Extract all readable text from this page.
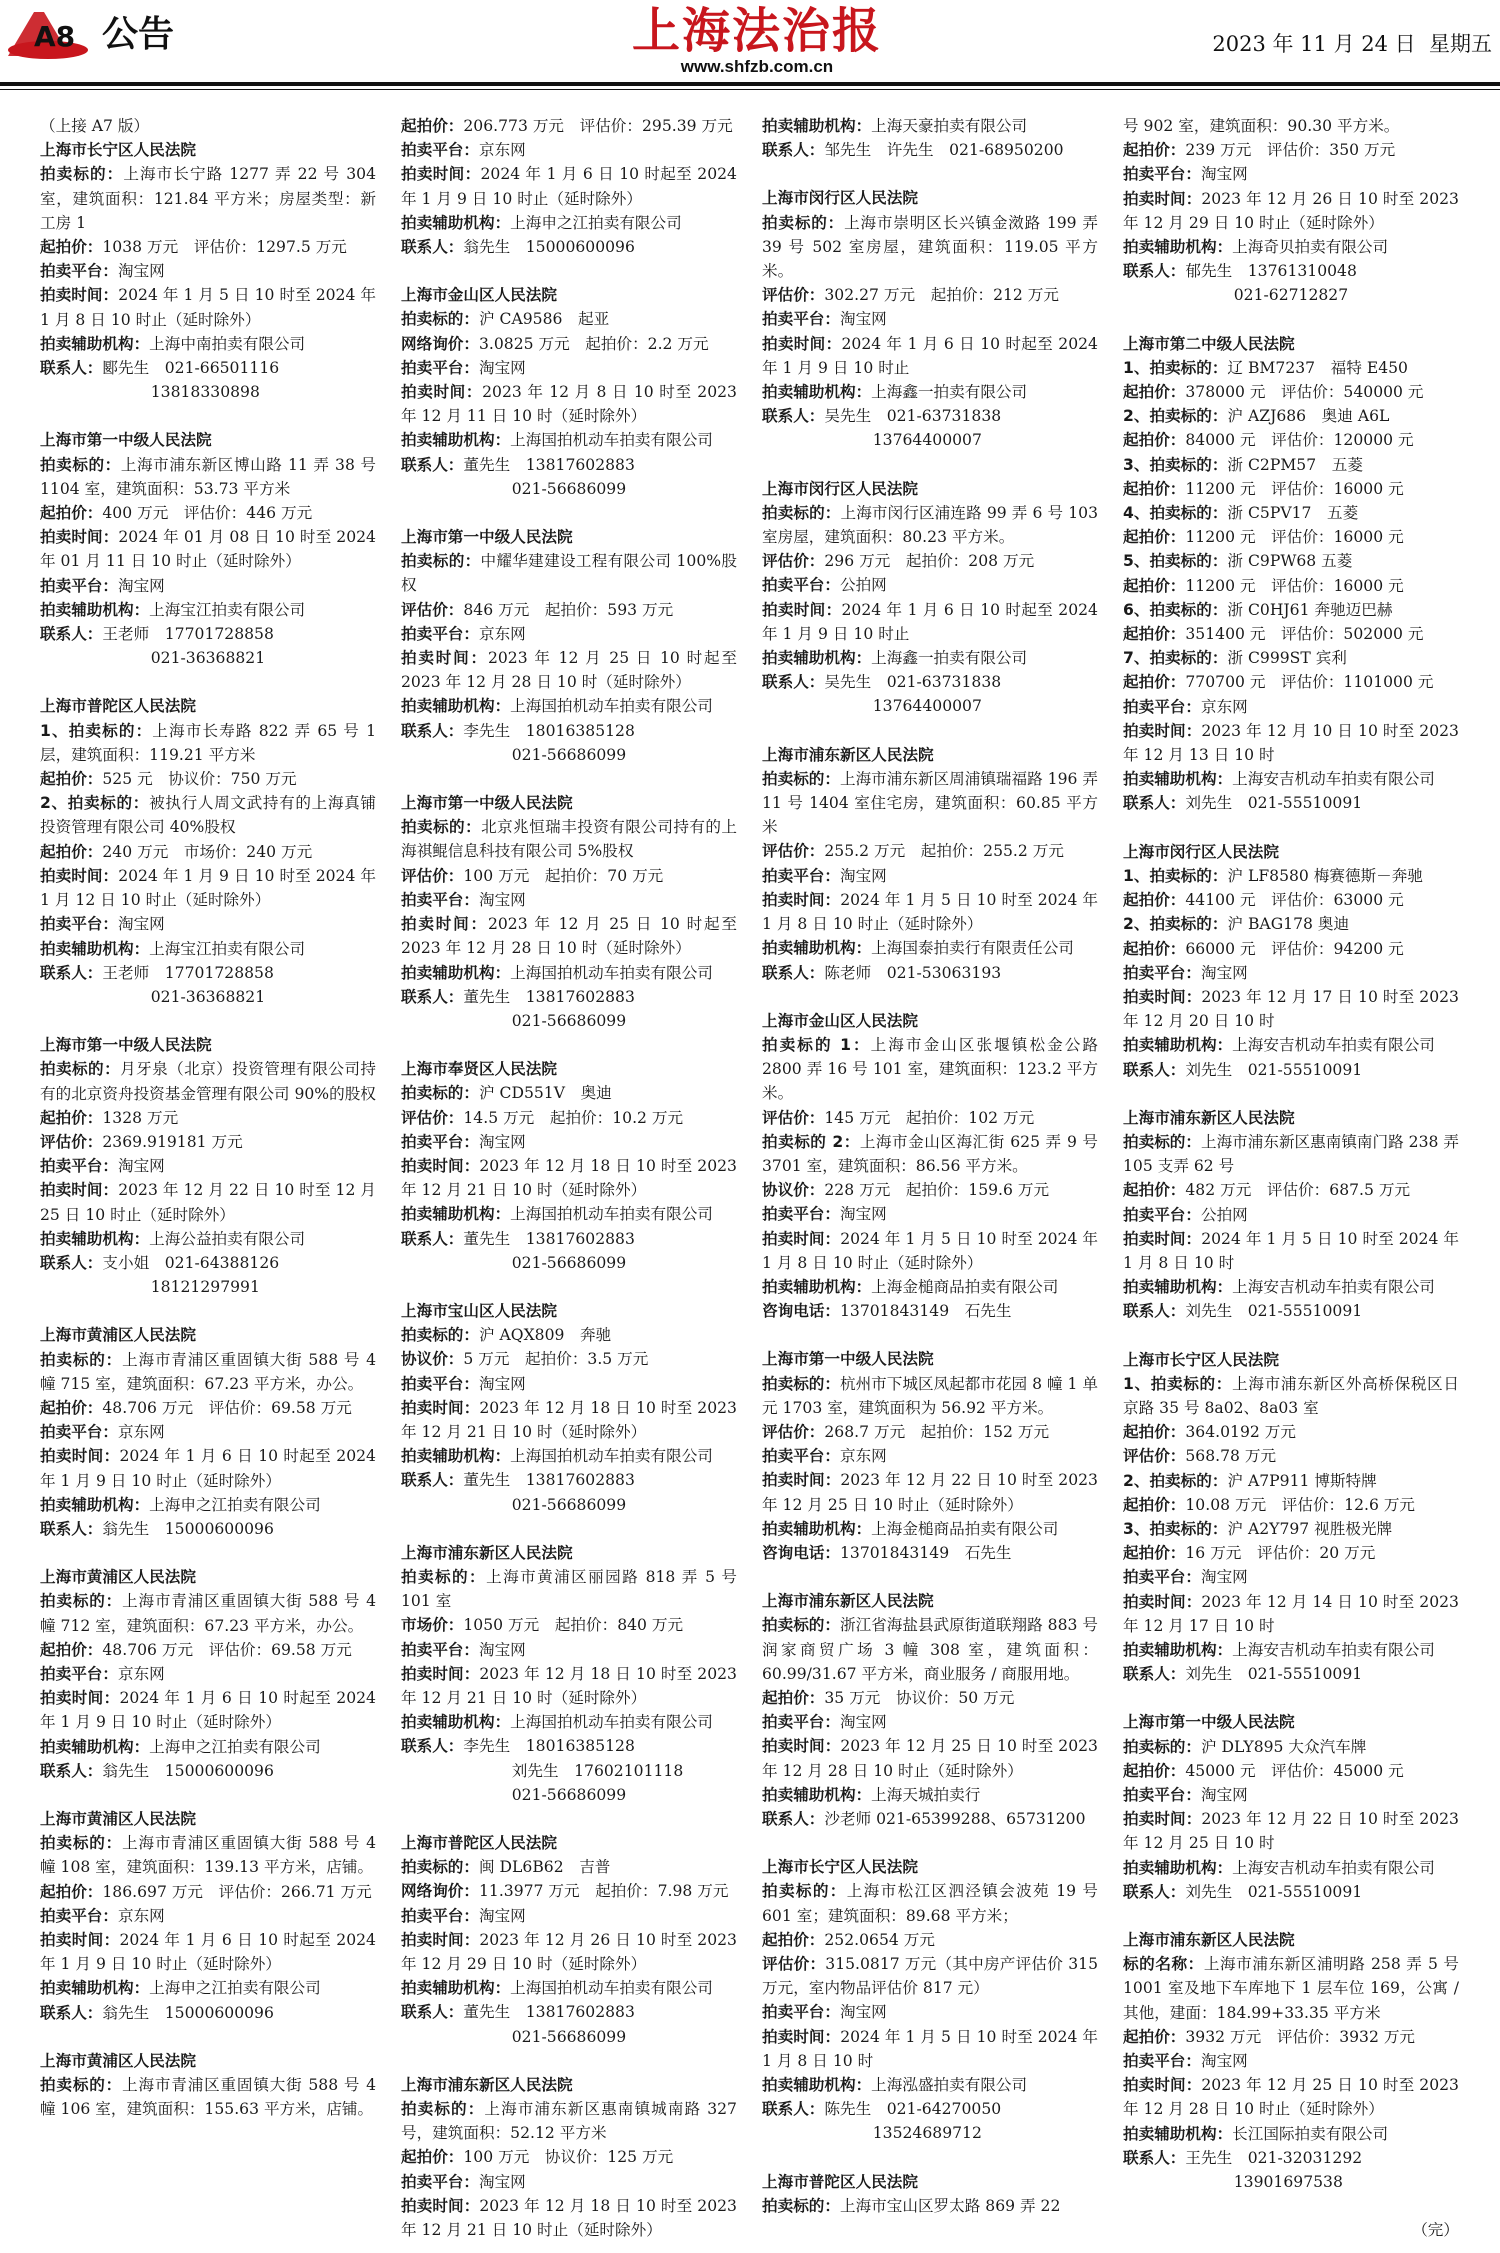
A8 公告	上海法治报
www.shfzb.com.cn
2023 年 11 月 24 日 星期五

（上接 A7 版）

上海市长宁区人民法院

拍卖标的：上海市长宁路 1277 弄 22 号 304 室，建筑面积：121.84 平方米；房屋类型：新工房 1

起拍价：1038 万元　评估价：1297.5 万元

拍卖平台：淘宝网

拍卖时间：2024 年 1 月 5 日 10 时至 2024 年 1 月 8 日 10 时止（延时除外）

拍卖辅助机构：上海中南拍卖有限公司

联系人：郾先生　021-66501116

13818330898

上海市第一中级人民法院

拍卖标的：上海市浦东新区博山路 11 弄 38 号 1104 室，建筑面积：53.73 平方米

起拍价：400 万元　评估价：446 万元

拍卖时间：2024 年 01 月 08 日 10 时至 2024 年 01 月 11 日 10 时止（延时除外）

拍卖平台：淘宝网

拍卖辅助机构：上海宝江拍卖有限公司

联系人：王老师　17701728858

021-36368821

上海市普陀区人民法院

1、拍卖标的：上海市长寿路 822 弄 65 号 1 层，建筑面积：119.21 平方米

起拍价：525 元　协议价：750 万元

2、拍卖标的：被执行人周文武持有的上海真铺投资管理有限公司 40%股权

起拍价：240 万元　市场价：240 万元

拍卖时间：2024 年 1 月 9 日 10 时至 2024 年 1 月 12 日 10 时止（延时除外）

拍卖平台：淘宝网

拍卖辅助机构：上海宝江拍卖有限公司

联系人：王老师　17701728858

021-36368821

上海市第一中级人民法院

拍卖标的：月牙泉（北京）投资管理有限公司持有的北京资舟投资基金管理有限公司 90%的股权

起拍价：1328 万元

评估价：2369.919181 万元

拍卖平台：淘宝网

拍卖时间：2023 年 12 月 22 日 10 时至 12 月 25 日 10 时止（延时除外）

拍卖辅助机构：上海公益拍卖有限公司

联系人：支小姐　021-64388126

18121297991

上海市黄浦区人民法院

拍卖标的：上海市青浦区重固镇大街 588 号 4 幢 715 室，建筑面积：67.23 平方米，办公。

起拍价：48.706 万元　评估价：69.58 万元

拍卖平台：京东网

拍卖时间：2024 年 1 月 6 日 10 时起至 2024 年 1 月 9 日 10 时止（延时除外）

拍卖辅助机构：上海申之江拍卖有限公司

联系人：翁先生　15000600096

上海市黄浦区人民法院

拍卖标的：上海市青浦区重固镇大街 588 号 4 幢 712 室，建筑面积：67.23 平方米，办公。

起拍价：48.706 万元　评估价：69.58 万元

拍卖平台：京东网

拍卖时间：2024 年 1 月 6 日 10 时起至 2024 年 1 月 9 日 10 时止（延时除外）

拍卖辅助机构：上海申之江拍卖有限公司

联系人：翁先生　15000600096

上海市黄浦区人民法院

拍卖标的：上海市青浦区重固镇大街 588 号 4 幢 108 室，建筑面积：139.13 平方米，店铺。

起拍价：186.697 万元　评估价：266.71 万元

拍卖平台：京东网

拍卖时间：2024 年 1 月 6 日 10 时起至 2024 年 1 月 9 日 10 时止（延时除外）

拍卖辅助机构：上海申之江拍卖有限公司

联系人：翁先生　15000600096

上海市黄浦区人民法院

拍卖标的：上海市青浦区重固镇大街 588 号 4 幢 106 室，建筑面积：155.63 平方米，店铺。

起拍价：206.773 万元　评估价：295.39 万元

拍卖平台：京东网

拍卖时间：2024 年 1 月 6 日 10 时起至 2024 年 1 月 9 日 10 时止（延时除外）

拍卖辅助机构：上海申之江拍卖有限公司

联系人：翁先生　15000600096

上海市金山区人民法院

拍卖标的：沪 CA9586　起亚

网络询价：3.0825 万元　起拍价：2.2 万元

拍卖平台：淘宝网

拍卖时间：2023 年 12 月 8 日 10 时至 2023 年 12 月 11 日 10 时（延时除外）

拍卖辅助机构：上海国拍机动车拍卖有限公司

联系人：董先生　13817602883

021-56686099

上海市第一中级人民法院

拍卖标的：中耀华建建设工程有限公司 100%股权

评估价：846 万元　起拍价：593 万元

拍卖平台：京东网

拍卖时间：2023 年 12 月 25 日 10 时起至 2023 年 12 月 28 日 10 时（延时除外）

拍卖辅助机构：上海国拍机动车拍卖有限公司

联系人：李先生　18016385128

021-56686099

上海市第一中级人民法院

拍卖标的：北京兆恒瑞丰投资有限公司持有的上海祺鲲信息科技有限公司 5%股权

评估价：100 万元　起拍价：70 万元

拍卖平台：淘宝网

拍卖时间：2023 年 12 月 25 日 10 时起至 2023 年 12 月 28 日 10 时（延时除外）

拍卖辅助机构：上海国拍机动车拍卖有限公司

联系人：董先生　13817602883

021-56686099

上海市奉贤区人民法院

拍卖标的：沪 CD551V　奥迪

评估价：14.5 万元　起拍价：10.2 万元

拍卖平台：淘宝网

拍卖时间：2023 年 12 月 18 日 10 时至 2023 年 12 月 21 日 10 时（延时除外）

拍卖辅助机构：上海国拍机动车拍卖有限公司

联系人：董先生　13817602883

021-56686099

上海市宝山区人民法院

拍卖标的：沪 AQX809　奔驰

协议价：5 万元　起拍价：3.5 万元

拍卖平台：淘宝网

拍卖时间：2023 年 12 月 18 日 10 时至 2023 年 12 月 21 日 10 时（延时除外）

拍卖辅助机构：上海国拍机动车拍卖有限公司

联系人：董先生　13817602883

021-56686099

上海市浦东新区人民法院

拍卖标的：上海市黄浦区丽园路 818 弄 5 号 101 室

市场价：1050 万元　起拍价：840 万元

拍卖平台：淘宝网

拍卖时间：2023 年 12 月 18 日 10 时至 2023 年 12 月 21 日 10 时（延时除外）

拍卖辅助机构：上海国拍机动车拍卖有限公司

联系人：李先生　18016385128

刘先生　17602101118

021-56686099

上海市普陀区人民法院

拍卖标的：闽 DL6B62　吉普

网络询价：11.3977 万元　起拍价：7.98 万元

拍卖平台：淘宝网

拍卖时间：2023 年 12 月 26 日 10 时至 2023 年 12 月 29 日 10 时（延时除外）

拍卖辅助机构：上海国拍机动车拍卖有限公司

联系人：董先生　13817602883

021-56686099

上海市浦东新区人民法院

拍卖标的：上海市浦东新区惠南镇城南路 327 号，建筑面积：52.12 平方米

起拍价：100 万元　协议价：125 万元

拍卖平台：淘宝网

拍卖时间：2023 年 12 月 18 日 10 时至 2023 年 12 月 21 日 10 时止（延时除外）

拍卖辅助机构：上海天豪拍卖有限公司

联系人：邹先生　许先生　021-68950200

上海市闵行区人民法院

拍卖标的：上海市崇明区长兴镇金滧路 199 弄 39 号 502 室房屋，建筑面积：119.05 平方米。

评估价：302.27 万元　起拍价：212 万元

拍卖平台：淘宝网

拍卖时间：2024 年 1 月 6 日 10 时起至 2024 年 1 月 9 日 10 时止

拍卖辅助机构：上海鑫一拍卖有限公司

联系人：吴先生　021-63731838

13764400007

上海市闵行区人民法院

拍卖标的：上海市闵行区浦连路 99 弄 6 号 103 室房屋，建筑面积：80.23 平方米。

评估价：296 万元　起拍价：208 万元

拍卖平台：公拍网

拍卖时间：2024 年 1 月 6 日 10 时起至 2024 年 1 月 9 日 10 时止

拍卖辅助机构：上海鑫一拍卖有限公司

联系人：吴先生　021-63731838

13764400007

上海市浦东新区人民法院

拍卖标的：上海市浦东新区周浦镇瑞福路 196 弄 11 号 1404 室住宅房，建筑面积：60.85 平方米

评估价：255.2 万元　起拍价：255.2 万元

拍卖平台：淘宝网

拍卖时间：2024 年 1 月 5 日 10 时至 2024 年 1 月 8 日 10 时止（延时除外）

拍卖辅助机构：上海国泰拍卖行有限责任公司

联系人：陈老师　021-53063193

上海市金山区人民法院

拍卖标的 1：上海市金山区张堰镇松金公路 2800 弄 16 号 101 室，建筑面积：123.2 平方米。

评估价：145 万元　起拍价：102 万元

拍卖标的 2：上海市金山区海汇街 625 弄 9 号 3701 室，建筑面积：86.56 平方米。

协议价：228 万元　起拍价：159.6 万元

拍卖平台：淘宝网

拍卖时间：2024 年 1 月 5 日 10 时至 2024 年 1 月 8 日 10 时止（延时除外）

拍卖辅助机构：上海金槌商品拍卖有限公司

咨询电话：13701843149　石先生

上海市第一中级人民法院

拍卖标的：杭州市下城区凤起都市花园 8 幢 1 单元 1703 室，建筑面积为 56.92 平方米。

评估价：268.7 万元　起拍价：152 万元

拍卖平台：京东网

拍卖时间：2023 年 12 月 22 日 10 时至 2023 年 12 月 25 日 10 时止（延时除外）

拍卖辅助机构：上海金槌商品拍卖有限公司

咨询电话：13701843149　石先生

上海市浦东新区人民法院

拍卖标的：浙江省海盐县武原街道联翔路 883 号润家商贸广场 3 幢 308 室，建筑面积：60.99/31.67 平方米，商业服务 / 商服用地。

起拍价：35 万元　协议价：50 万元

拍卖平台：淘宝网

拍卖时间：2023 年 12 月 25 日 10 时至 2023 年 12 月 28 日 10 时止（延时除外）

拍卖辅助机构：上海天城拍卖行

联系人：沙老师 021-65399288、65731200

上海市长宁区人民法院

拍卖标的：上海市松江区泗泾镇会波苑 19 号 601 室；建筑面积：89.68 平方米；

起拍价：252.0654 万元

评估价：315.0817 万元（其中房产评估价 315 万元，室内物品评估价 817 元）

拍卖平台：淘宝网

拍卖时间：2024 年 1 月 5 日 10 时至 2024 年 1 月 8 日 10 时

拍卖辅助机构：上海泓盛拍卖有限公司

联系人：陈先生　021-64270050

13524689712

上海市普陀区人民法院

拍卖标的：上海市宝山区罗太路 869 弄 22

号 902 室，建筑面积：90.30 平方米。

起拍价：239 万元　评估价：350 万元

拍卖平台：淘宝网

拍卖时间：2023 年 12 月 26 日 10 时至 2023 年 12 月 29 日 10 时止（延时除外）

拍卖辅助机构：上海奇贝拍卖有限公司

联系人：郁先生　13761310048

021-62712827

上海市第二中级人民法院

1、拍卖标的：辽 BM7237　福特 E450

起拍价：378000 元　评估价：540000 元

2、拍卖标的：沪 AZJ686　奥迪 A6L

起拍价：84000 元　评估价：120000 元

3、拍卖标的：浙 C2PM57　五菱

起拍价：11200 元　评估价：16000 元

4、拍卖标的：浙 C5PV17　五菱

起拍价：11200 元　评估价：16000 元

5、拍卖标的：浙 C9PW68 五菱

起拍价：11200 元　评估价：16000 元

6、拍卖标的：浙 C0HJ61 奔驰迈巴赫

起拍价：351400 元　评估价：502000 元

7、拍卖标的：浙 C999ST 宾利

起拍价：770700 元　评估价：1101000 元

拍卖平台：京东网

拍卖时间：2023 年 12 月 10 日 10 时至 2023 年 12 月 13 日 10 时

拍卖辅助机构：上海安吉机动车拍卖有限公司

联系人：刘先生　021-55510091

上海市闵行区人民法院

1、拍卖标的：沪 LF8580 梅赛德斯－奔驰

起拍价：44100 元　评估价：63000 元

2、拍卖标的：沪 BAG178 奥迪

起拍价：66000 元　评估价：94200 元

拍卖平台：淘宝网

拍卖时间：2023 年 12 月 17 日 10 时至 2023 年 12 月 20 日 10 时

拍卖辅助机构：上海安吉机动车拍卖有限公司

联系人：刘先生　021-55510091

上海市浦东新区人民法院

拍卖标的：上海市浦东新区惠南镇南门路 238 弄 105 支弄 62 号

起拍价：482 万元　评估价：687.5 万元

拍卖平台：公拍网

拍卖时间：2024 年 1 月 5 日 10 时至 2024 年 1 月 8 日 10 时

拍卖辅助机构：上海安吉机动车拍卖有限公司

联系人：刘先生　021-55510091

上海市长宁区人民法院

1、拍卖标的：上海市浦东新区外高桥保税区日京路 35 号 8a02、8a03 室

起拍价：364.0192 万元

评估价：568.78 万元

2、拍卖标的：沪 A7P911 博斯特牌

起拍价：10.08 万元　评估价：12.6 万元

3、拍卖标的：沪 A2Y797 视胜极光牌

起拍价：16 万元　评估价：20 万元

拍卖平台：淘宝网

拍卖时间：2023 年 12 月 14 日 10 时至 2023 年 12 月 17 日 10 时

拍卖辅助机构：上海安吉机动车拍卖有限公司

联系人：刘先生　021-55510091

上海市第一中级人民法院

拍卖标的：沪 DLY895 大众汽车牌

起拍价：45000 元　评估价：45000 元

拍卖平台：淘宝网

拍卖时间：2023 年 12 月 22 日 10 时至 2023 年 12 月 25 日 10 时

拍卖辅助机构：上海安吉机动车拍卖有限公司

联系人：刘先生　021-55510091

上海市浦东新区人民法院

标的名称：上海市浦东新区浦明路 258 弄 5 号 1001 室及地下车库地下 1 层车位 169，公寓 / 其他，建面：184.99+33.35 平方米

起拍价：3932 万元　评估价：3932 万元

拍卖平台：淘宝网

拍卖时间：2023 年 12 月 25 日 10 时至 2023 年 12 月 28 日 10 时止（延时除外）

拍卖辅助机构：长江国际拍卖有限公司

联系人：王先生　021-32031292

13901697538

（完）
